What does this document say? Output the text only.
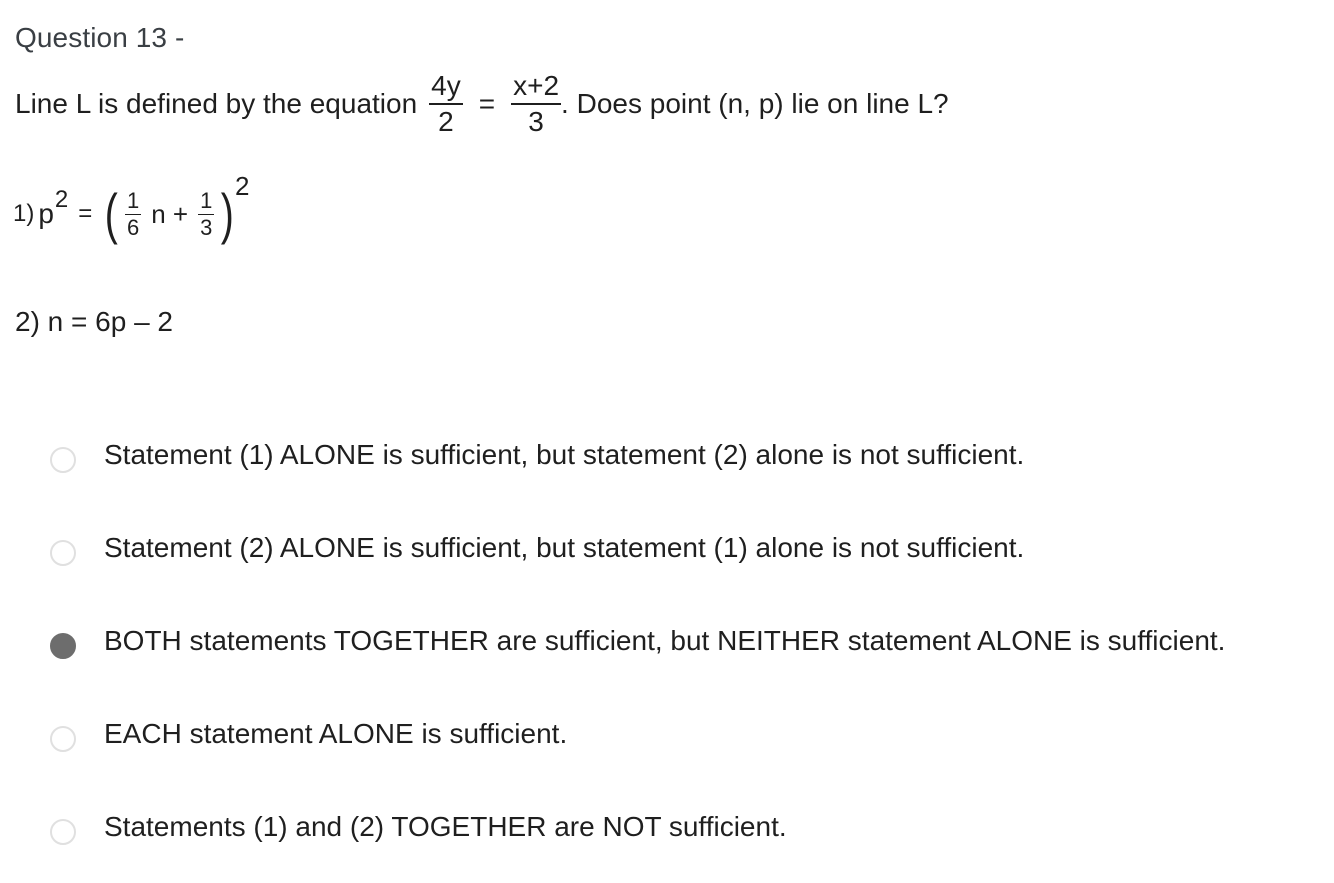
Question 13 -
Line L is defined by the equation $\frac{4y}{2} = \frac{x+2}{3}$ . Does point (n, p) lie on line L?
1) p 2
= ( $\frac{1}{6}$ $n + \frac{1}{3}$ ) 2
2) n = 6p – 2
Statement (1) ALONE is sufficient, but statement (2) alone is not sufficient.
Statement (2) ALONE is sufficient, but statement (1) alone is not sufficient.
BOTH statements TOGETHER are sufficient, but NEITHER statement ALONE is sufficient.
EACH statement ALONE is sufficient.
Statements (1) and (2) TOGETHER are NOT sufficient.
